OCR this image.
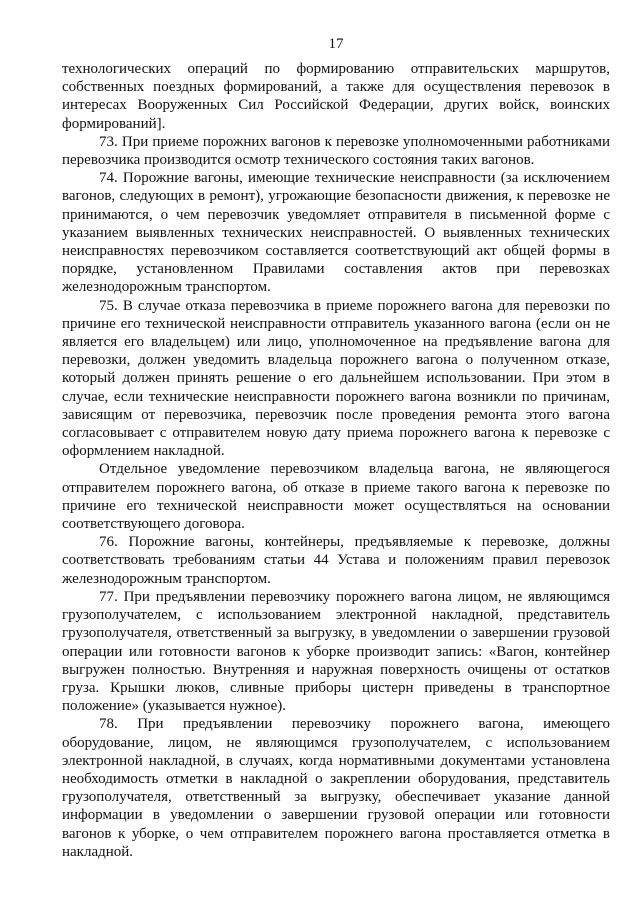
17

технологических операций по формированию отправительских маршрутов, собственных поездных формирований, а также для осуществления перевозок в интересах Вооруженных Сил Российской Федерации, других войск, воинских формирований].

73. При приеме порожних вагонов к перевозке уполномоченными работниками перевозчика производится осмотр технического состояния таких вагонов.

74. Порожние вагоны, имеющие технические неисправности (за исключением вагонов, следующих в ремонт), угрожающие безопасности движения, к перевозке не принимаются, о чем перевозчик уведомляет отправителя в письменной форме с указанием выявленных технических неисправностей. О выявленных технических неисправностях перевозчиком составляется соответствующий акт общей формы в порядке, установленном Правилами составления актов при перевозках железнодорожным транспортом.

75. В случае отказа перевозчика в приеме порожнего вагона для перевозки по причине его технической неисправности отправитель указанного вагона (если он не является его владельцем) или лицо, уполномоченное на предъявление вагона для перевозки, должен уведомить владельца порожнего вагона о полученном отказе, который должен принять решение о его дальнейшем использовании. При этом в случае, если технические неисправности порожнего вагона возникли по причинам, зависящим от перевозчика, перевозчик после проведения ремонта этого вагона согласовывает с отправителем новую дату приема порожнего вагона к перевозке с оформлением накладной.

Отдельное уведомление перевозчиком владельца вагона, не являющегося отправителем порожнего вагона, об отказе в приеме такого вагона к перевозке по причине его технической неисправности может осуществляться на основании соответствующего договора.

76. Порожние вагоны, контейнеры, предъявляемые к перевозке, должны соответствовать требованиям статьи 44 Устава и положениям правил перевозок железнодорожным транспортом.

77. При предъявлении перевозчику порожнего вагона лицом, не являющимся грузополучателем, с использованием электронной накладной, представитель грузополучателя, ответственный за выгрузку, в уведомлении о завершении грузовой операции или готовности вагонов к уборке производит запись: «Вагон, контейнер выгружен полностью. Внутренняя и наружная поверхность очищены от остатков груза. Крышки люков, сливные приборы цистерн приведены в транспортное положение» (указывается нужное).

78. При предъявлении перевозчику порожнего вагона, имеющего оборудование, лицом, не являющимся грузополучателем, с использованием электронной накладной, в случаях, когда нормативными документами установлена необходимость отметки в накладной о закреплении оборудования, представитель грузополучателя, ответственный за выгрузку, обеспечивает указание данной информации в уведомлении о завершении грузовой операции или готовности вагонов к уборке, о чем отправителем порожнего вагона проставляется отметка в накладной.
